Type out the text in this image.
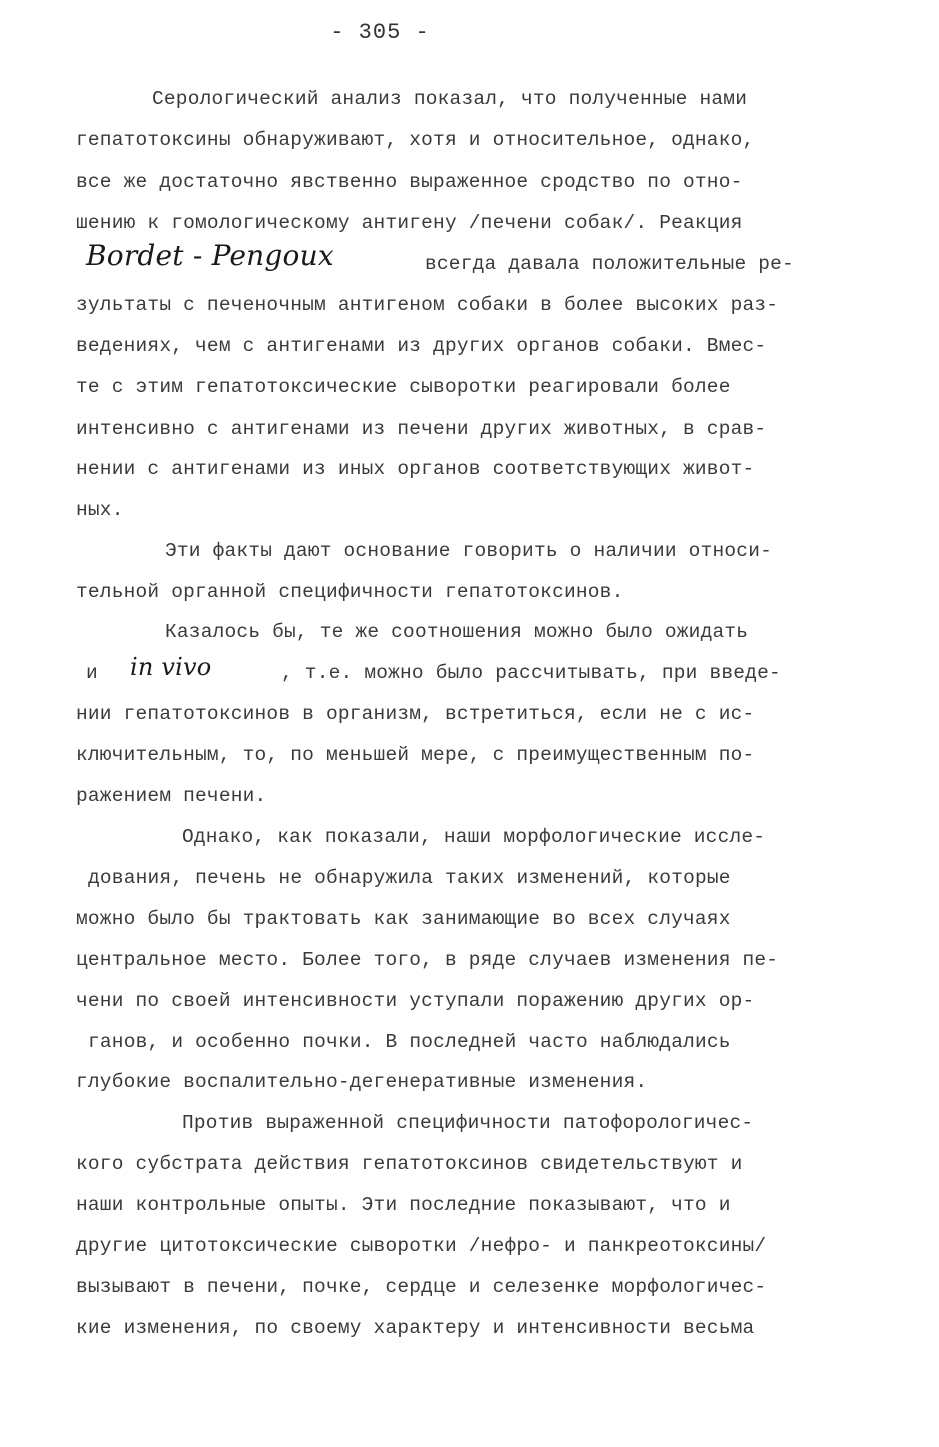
- 305 -
Серологический анализ показал, что полученные нами
гепатотоксины обнаруживают, хотя и относительное, однако,
все же достаточно явственно выраженное сродство по отно-
шению к гомологическому антигену /печени собак/. Реакция
Bordet - Pengoux	всегда давала положительные ре-
зультаты с печеночным антигеном собаки в более высоких раз-
ведениях, чем с антигенами из других органов собаки. Вмес-
те с этим гепатотоксические сыворотки реагировали более
интенсивно с антигенами из печени других животных, в срав-
нении с антигенами из иных органов соответствующих живот-
ных.
Эти факты дают основание говорить о наличии относи-
тельной органной специфичности гепатотоксинов.
Казалось бы, те же соотношения можно было ожидать
и in vivo	, т.е. можно было рассчитывать, при введе-
нии гепатотоксинов в организм, встретиться, если не с ис-
ключительным, то, по меньшей мере, с преимущественным по-
ражением печени.
Однако, как показали, наши морфологические иссле-
дования, печень не обнаружила таких изменений, которые
можно было бы трактовать как занимающие во всех случаях
центральное место. Более того, в ряде случаев изменения пе-
чени по своей интенсивности уступали поражению других ор-
ганов, и особенно почки. В последней часто наблюдались
глубокие воспалительно-дегенеративные изменения.
Против выраженной специфичности патофорологичес-
кого субстрата действия гепатотоксинов свидетельствуют и
наши контрольные опыты. Эти последние показывают, что и
другие цитотоксические сыворотки /нефро- и панкреотоксины/
вызывают в печени, почке, сердце и селезенке морфологичес-
кие изменения, по своему характеру и интенсивности весьма
